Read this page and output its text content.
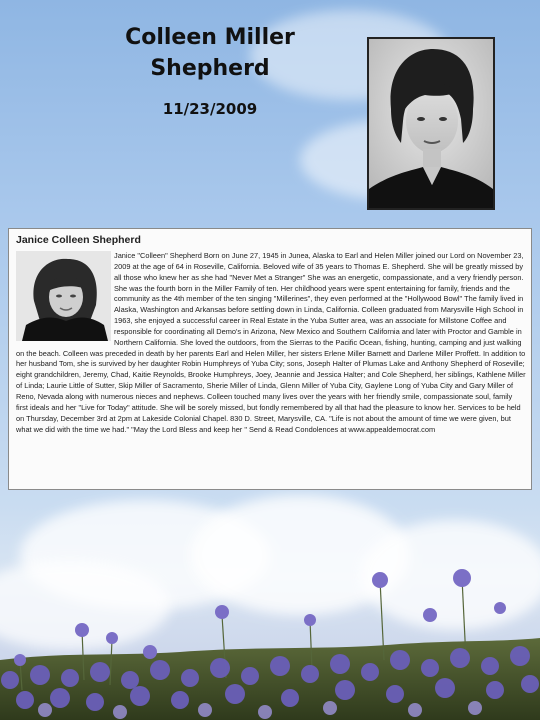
Colleen Miller
Shepherd
11/23/2009
Janice Colleen Shepherd
Janice "Colleen" Shepherd Born on June 27, 1945 in Junea, Alaska to Earl and Helen Miller joined our Lord on November 23, 2009 at the age of 64 in Roseville, California. Beloved wife of 35 years to Thomas E. Shepherd. She will be greatly missed by all those who knew her as she had "Never Met a Stranger" She was an energetic, compassionate, and a very friendly person. She was the fourth born in the Miller Family of ten. Her childhood years were spent entertaining for family, friends and the community as the 4th member of the ten singing "Millerines", they even performed at the "Hollywood Bowl" The family lived in Alaska, Washington and Arkansas before settling down in Linda, California. Colleen graduated from Marysville High School in 1963, she enjoyed a successful career in Real Estate in the Yuba Sutter area, was an associate for Millstone Coffee and responsible for coordinating all Demo's in Arizona, New Mexico and Southern California and later with Proctor and Gamble in Northern California. She loved the outdoors, from the Sierras to the Pacific Ocean, fishing, hunting, camping and just walking on the beach. Colleen was preceded in death by her parents Earl and Helen Miller, her sisters Erlene Miller Barnett and Darlene Miller Proffett. In addition to her husband Tom, she is survived by her daughter Robin Humphreys of Yuba City; sons, Joseph Halter of Plumas Lake and Anthony Shepherd of Roseville; eight grandchildren, Jeremy, Chad, Kaitie Reynolds, Brooke Humphreys, Joey, Jeannie and Jessica Halter; and Cole Shepherd, her siblings, Kathlene Miller of Linda; Laurie Little of Sutter, Skip Miller of Sacramento, Sherie Miller of Linda, Glenn Miller of Yuba City, Gaylene Long of Yuba City and Gary Miller of Reno, Nevada along with numerous nieces and nephews. Colleen touched many lives over the years with her friendly smile, compassionate soul, family first ideals and her "Live for Today" attitude. She will be sorely missed, but fondly remembered by all that had the pleasure to know her. Services to be held on Thursday, December 3rd at 2pm at Lakeside Colonial Chapel. 830 D. Street, Marysville, CA. "Life is not about the amount of time we were given, but what we did with the time we had." "May the Lord Bless and keep her " Send & Read Condolences at www.appealdemocrat.com
